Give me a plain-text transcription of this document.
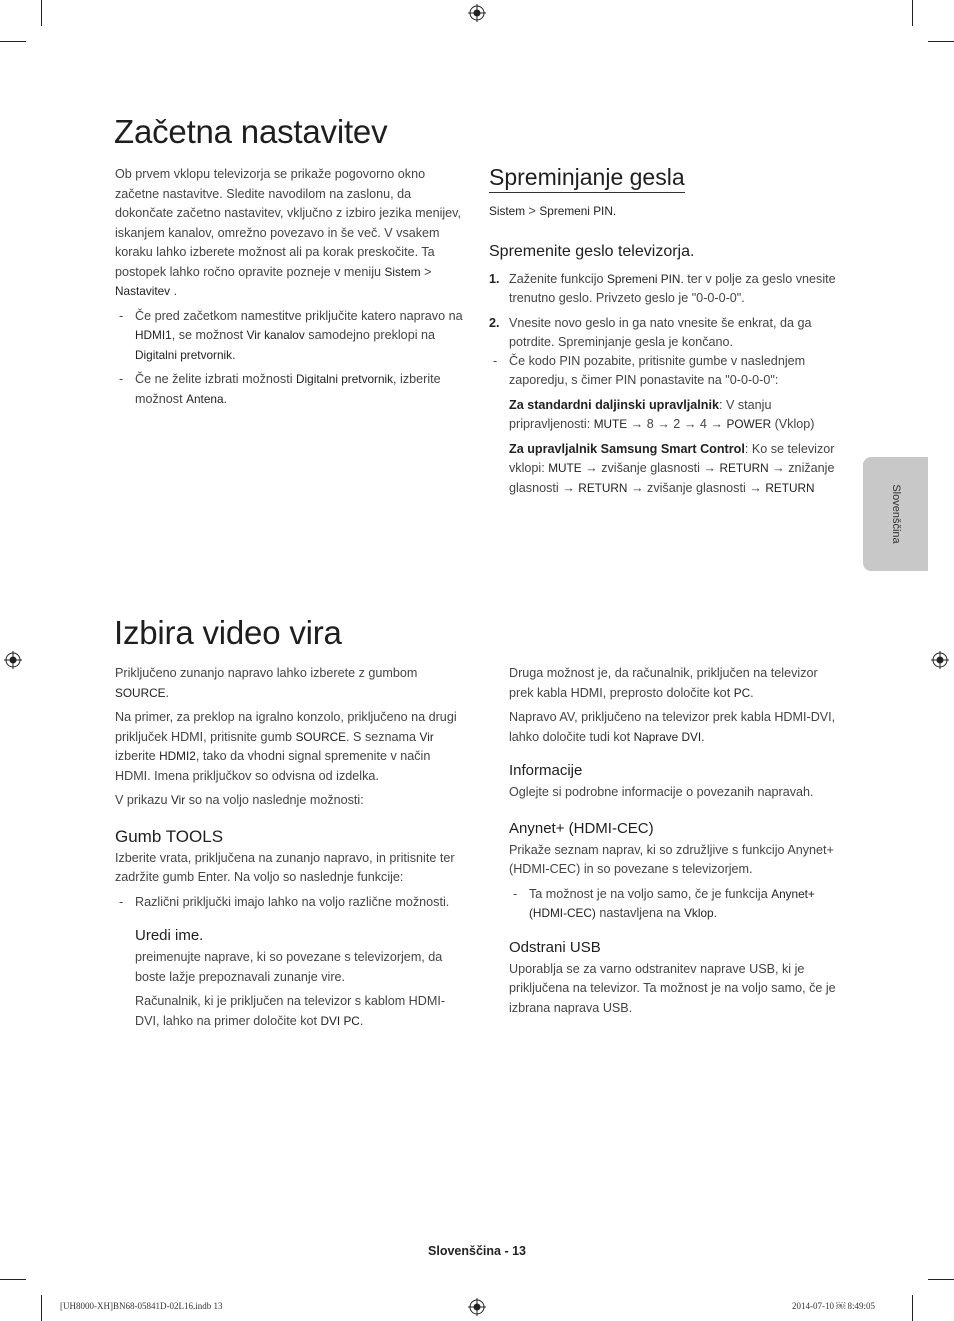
Začetna nastavitev

Ob prvem vklopu televizorja se prikaže pogovorno okno začetne nastavitve. Sledite navodilom na zaslonu, da dokončate začetno nastavitev, vključno z izbiro jezika menijev, iskanjem kanalov, omrežno povezavo in še več. V vsakem koraku lahko izberete možnost ali pa korak preskočite. Ta postopek lahko ročno opravite pozneje v meniju Sistem > Nastavitev .

- Če pred začetkom namestitve priključite katero napravo na HDMI1, se možnost Vir kanalov samodejno preklopi na Digitalni pretvornik.

- Če ne želite izbrati možnosti Digitalni pretvornik, izberite možnost Antena.

Spreminjanje gesla

Sistem > Spremeni PIN.

Spremenite geslo televizorja.

1. Zaženite funkcijo Spremeni PIN. ter v polje za geslo vnesite trenutno geslo. Privzeto geslo je "0-0-0-0".

2. Vnesite novo geslo in ga nato vnesite še enkrat, da ga potrdite. Spreminjanje gesla je končano.

- Če kodo PIN pozabite, pritisnite gumbe v naslednjem zaporedju, s čimer PIN ponastavite na "0-0-0-0":

Za standardni daljinski upravljalnik: V stanju pripravljenosti: MUTE → 8 → 2 → 4 → POWER (Vklop)

Za upravljalnik Samsung Smart Control: Ko se televizor vklopi: MUTE → zvišanje glasnosti → RETURN → znižanje glasnosti → RETURN → zvišanje glasnosti → RETURN	Slovenščina
Izbira video vira

Priključeno zunanjo napravo lahko izberete z gumbom SOURCE.

Na primer, za preklop na igralno konzolo, priključeno na drugi priključek HDMI, pritisnite gumb SOURCE. S seznama Vir izberite HDMI2, tako da vhodni signal spremenite v način HDMI. Imena priključkov so odvisna od izdelka.

V prikazu Vir so na voljo naslednje možnosti:

Gumb TOOLS

Izberite vrata, priključena na zunanjo napravo, in pritisnite ter zadržite gumb Enter. Na voljo so naslednje funkcije:

- Različni priključki imajo lahko na voljo različne možnosti.

Uredi ime.

preimenujte naprave, ki so povezane s televizorjem, da boste lažje prepoznavali zunanje vire.

Računalnik, ki je priključen na televizor s kablom HDMI-DVI, lahko na primer določite kot DVI PC.

Druga možnost je, da računalnik, priključen na televizor prek kabla HDMI, preprosto določite kot PC.

Napravo AV, priključeno na televizor prek kabla HDMI-DVI, lahko določite tudi kot Naprave DVI.

Informacije

Oglejte si podrobne informacije o povezanih napravah.

Anynet+ (HDMI-CEC)

Prikaže seznam naprav, ki so združljive s funkcijo Anynet+ (HDMI-CEC) in so povezane s televizorjem.

- Ta možnost je na voljo samo, če je funkcija Anynet+ (HDMI-CEC) nastavljena na Vklop.

Odstrani USB

Uporablja se za varno odstranitev naprave USB, ki je priključena na televizor. Ta možnost je na voljo samo, če je izbrana naprava USB.

Slovenščina - 13
[UH8000-XH]BN68-05841D-02L16.indb 13	2014-07-10 ￼ 8:49:05
